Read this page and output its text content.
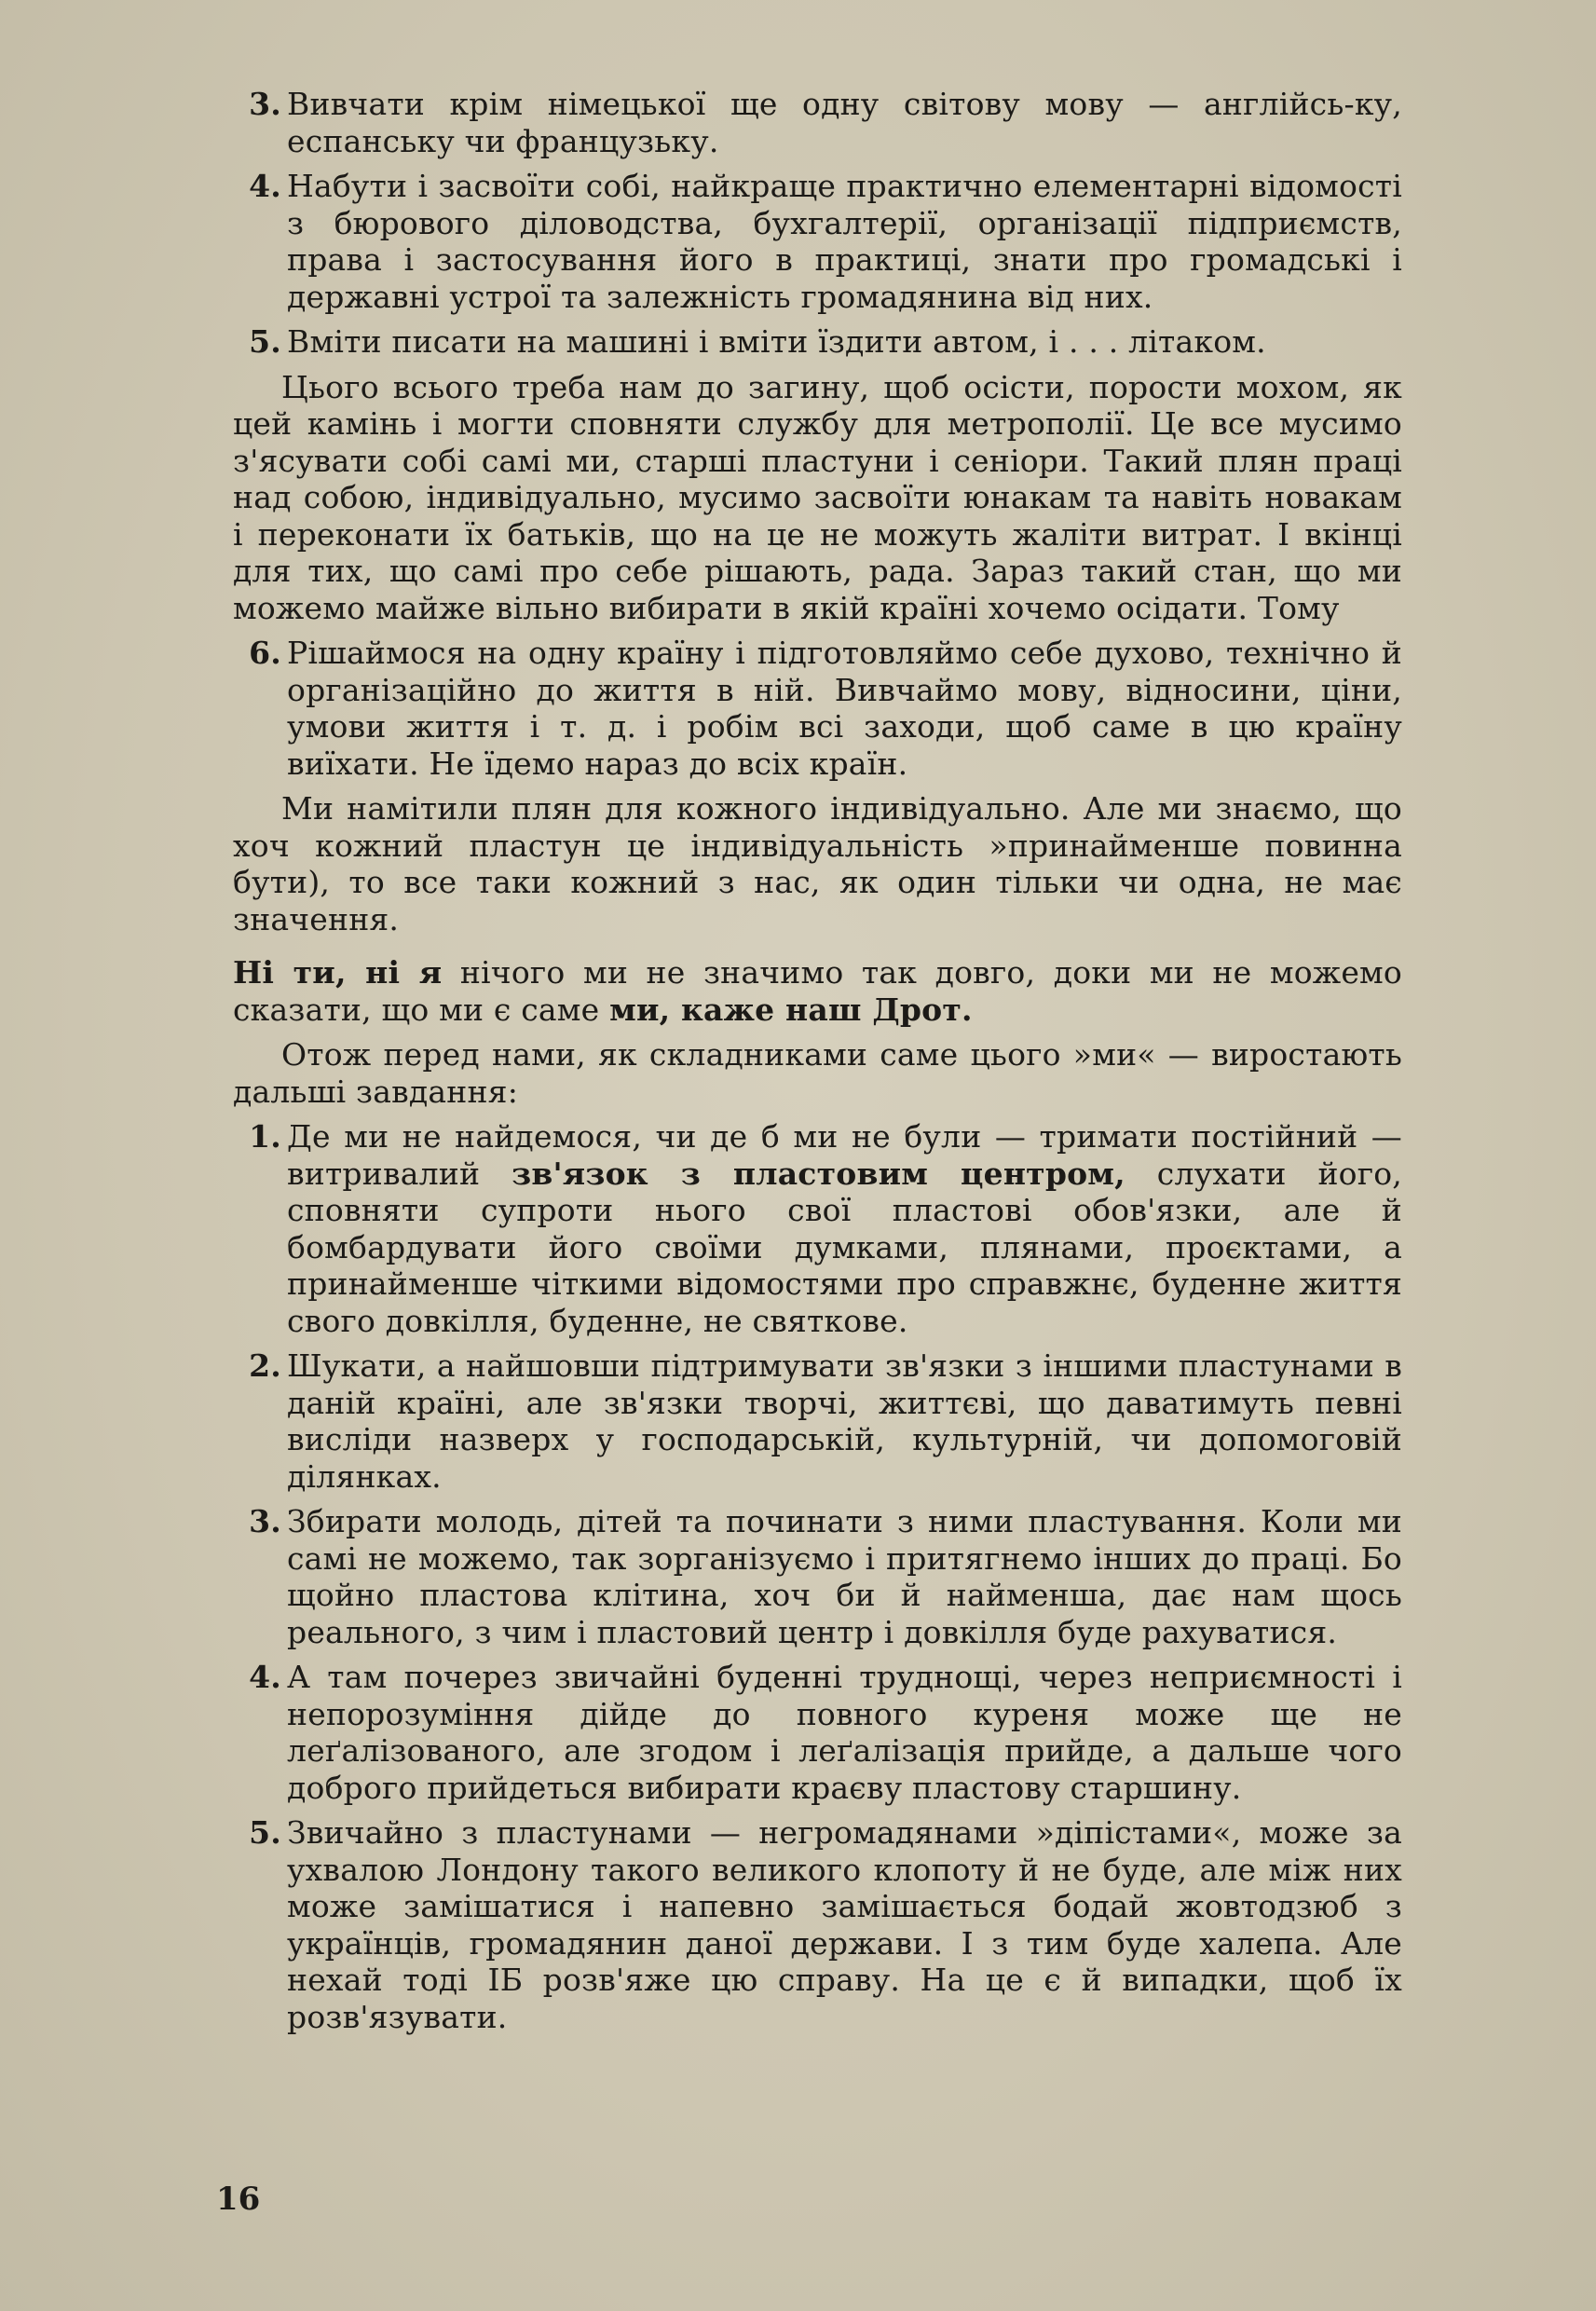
3. Вивчати крім німецької ще одну світову мову — англійсь-ку, еспанську чи французьку.
4. Набути і засвоїти собі, найкраще практично елементарні відомості з бюрового діловодства, бухгалтерії, організації підприємств, права і застосування його в практиці, знати про громадські і державні устрої та залежність громадянина від них.
5. Вміти писати на машині і вміти їздити автом, і . . . літаком.

Цього всього треба нам до загину, щоб осісти, порости мохом, як цей камінь і могти сповняти службу для метрополії. Це все мусимо з'ясувати собі самі ми, старші пластуни і сеніори. Такий плян праці над собою, індивідуально, мусимо засвоїти юнакам та навіть новакам і переконати їх батьків, що на це не можуть жаліти витрат. І вкінці для тих, що самі про себе рішають, рада. Зараз такий стан, що ми можемо майже вільно вибирати в якій країні хочемо осідати. Тому

6. Рішаймося на одну країну і підготовляймо себе духово, технічно й організаційно до життя в ній. Вивчаймо мову, відносини, ціни, умови життя і т. д. і робім всі заходи, щоб саме в цю країну виїхати. Не їдемо нараз до всіх країн.

Ми намітили плян для кожного індивідуально. Але ми знаємо, що хоч кожний пластун це індивідуальність »принайменше повинна бути), то все таки кожний з нас, як один тільки чи одна, не має значення.

Ні ти, ні я нічого ми не значимо так довго, доки ми не можемо сказати, що ми є саме ми, каже наш Дрот.

Отож перед нами, як складниками саме цього »ми« — виростають дальші завдання:

1. Де ми не найдемося, чи де б ми не були — тримати постійний — витривалий зв'язок з пластовим центром, слухати його, сповняти супроти нього свої пластові обов'язки, але й бомбардувати його своїми думками, плянами, проєктами, а принайменше чіткими відомостями про справжнє, буденне життя свого довкілля, буденне, не святкове.
2. Шукати, а найшовши підтримувати зв'язки з іншими пластунами в даній країні, але зв'язки творчі, життєві, що даватимуть певні висліди назверх у господарській, культурній, чи допомоговій ділянках.
3. Збирати молодь, дітей та починати з ними пластування. Коли ми самі не можемо, так зорганізуємо і притягнемо інших до праці. Бо щойно пластова клітина, хоч би й найменша, дає нам щось реального, з чим і пластовий центр і довкілля буде рахуватися.
4. А там почерез звичайні буденні труднощі, через неприємності і непорозуміння дійде до повного куреня може ще не леґалізованого, але згодом і леґалізація прийде, а дальше чого доброго прийдеться вибирати краєву пластову старшину.
5. Звичайно з пластунами — негромадянами »діпістами«, може за ухвалою Лондону такого великого клопоту й не буде, але між них може замішатися і напевно замішається бодай жовтодзюб з українців, громадянин даної держави. І з тим буде халепа. Але нехай тоді ІБ розв'яже цю справу. На це є й випадки, щоб їх розв'язувати.
16
